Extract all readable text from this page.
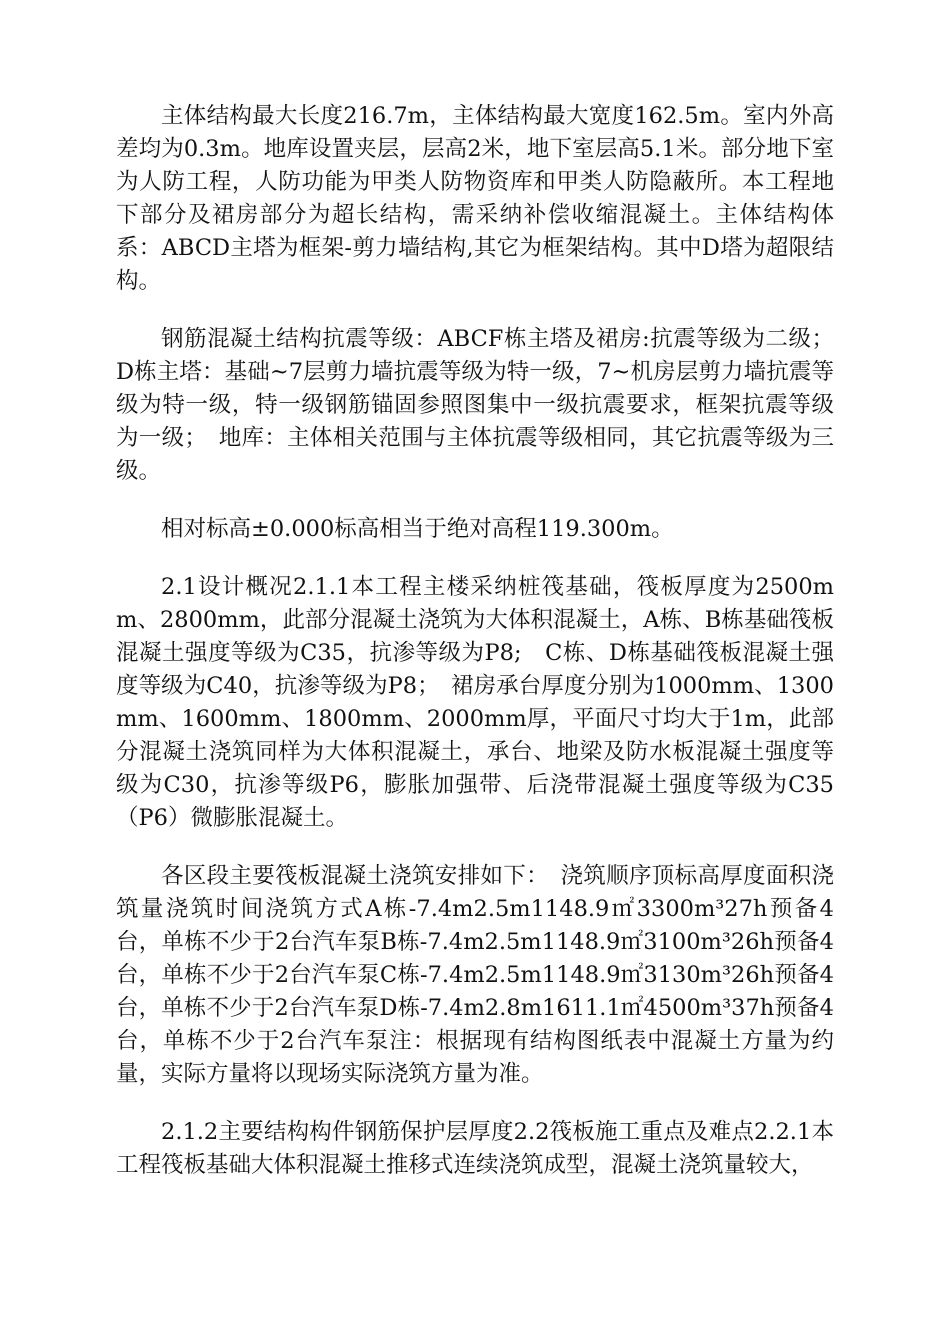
主体结构最大长度216.7m，主体结构最大宽度162.5m。室内外高差均为0.3m。地库设置夹层，层高2米，地下室层高5.1米。部分地下室为人防工程，人防功能为甲类人防物资库和甲类人防隐蔽所。本工程地下部分及裙房部分为超长结构，需采纳补偿收缩混凝土。主体结构体系：ABCD主塔为框架-剪力墙结构,其它为框架结构。其中D塔为超限结构。

钢筋混凝土结构抗震等级：ABCF栋主塔及裙房:抗震等级为二级； D栋主塔：基础~7层剪力墙抗震等级为特一级，7~机房层剪力墙抗震等级为特一级，特一级钢筋锚固参照图集中一级抗震要求，框架抗震等级为一级；　地库：主体相关范围与主体抗震等级相同，其它抗震等级为三级。

相对标高±0.000标高相当于绝对高程119.300m。

2.1设计概况2.1.1本工程主楼采纳桩筏基础，筏板厚度为2500mm、2800mm，此部分混凝土浇筑为大体积混凝土，A栋、B栋基础筏板混凝土强度等级为C35，抗渗等级为P8;　C栋、D栋基础筏板混凝土强度等级为C40，抗渗等级为P8；　裙房承台厚度分别为1000mm、1300mm、1600mm、1800mm、2000mm厚，平面尺寸均大于1m，此部分混凝土浇筑同样为大体积混凝土，承台、地梁及防水板混凝土强度等级为C30，抗渗等级P6，膨胀加强带、后浇带混凝土强度等级为C35（P6）微膨胀混凝土。

各区段主要筏板混凝土浇筑安排如下：　浇筑顺序顶标高厚度面积浇筑量浇筑时间浇筑方式A栋-7.4m2.5m1148.9㎡3300m³27h预备4台，单栋不少于2台汽车泵B栋-7.4m2.5m1148.9㎡3100m³26h预备4台，单栋不少于2台汽车泵C栋-7.4m2.5m1148.9㎡3130m³26h预备4台，单栋不少于2台汽车泵D栋-7.4m2.8m1611.1㎡4500m³37h预备4台，单栋不少于2台汽车泵注：根据现有结构图纸表中混凝土方量为约量，实际方量将以现场实际浇筑方量为准。

2.1.2主要结构构件钢筋保护层厚度2.2筏板施工重点及难点2.2.1本工程筏板基础大体积混凝土推移式连续浇筑成型，混凝土浇筑量较大，
